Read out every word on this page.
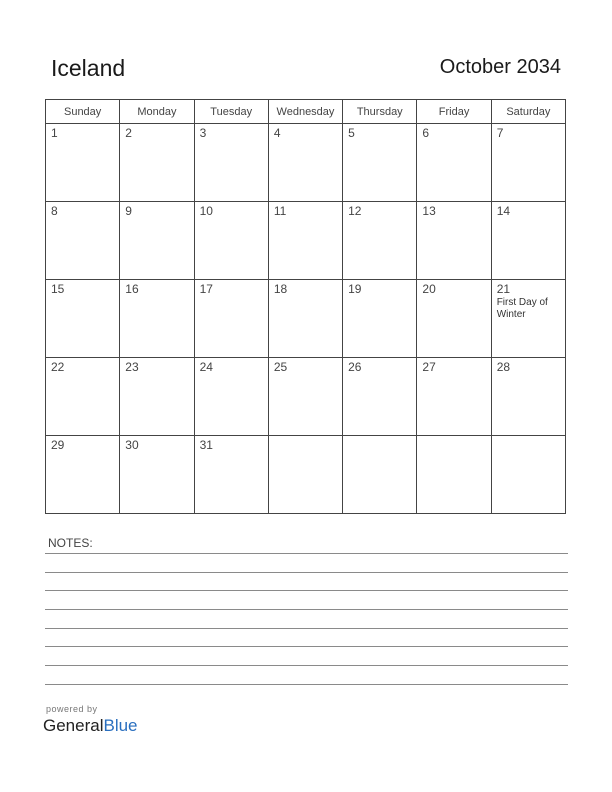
Iceland	October 2034
Sunday	Monday	Tuesday	Wednesday	Thursday	Friday	Saturday

1	2	3	4	5	6	7

8	9	10	11	12	13	14

15	16	17	18	19	20	21
First Day of Winter

22	23	24	25	26	27	28

29	30	31				

NOTES:
powered by
GeneralBlue
